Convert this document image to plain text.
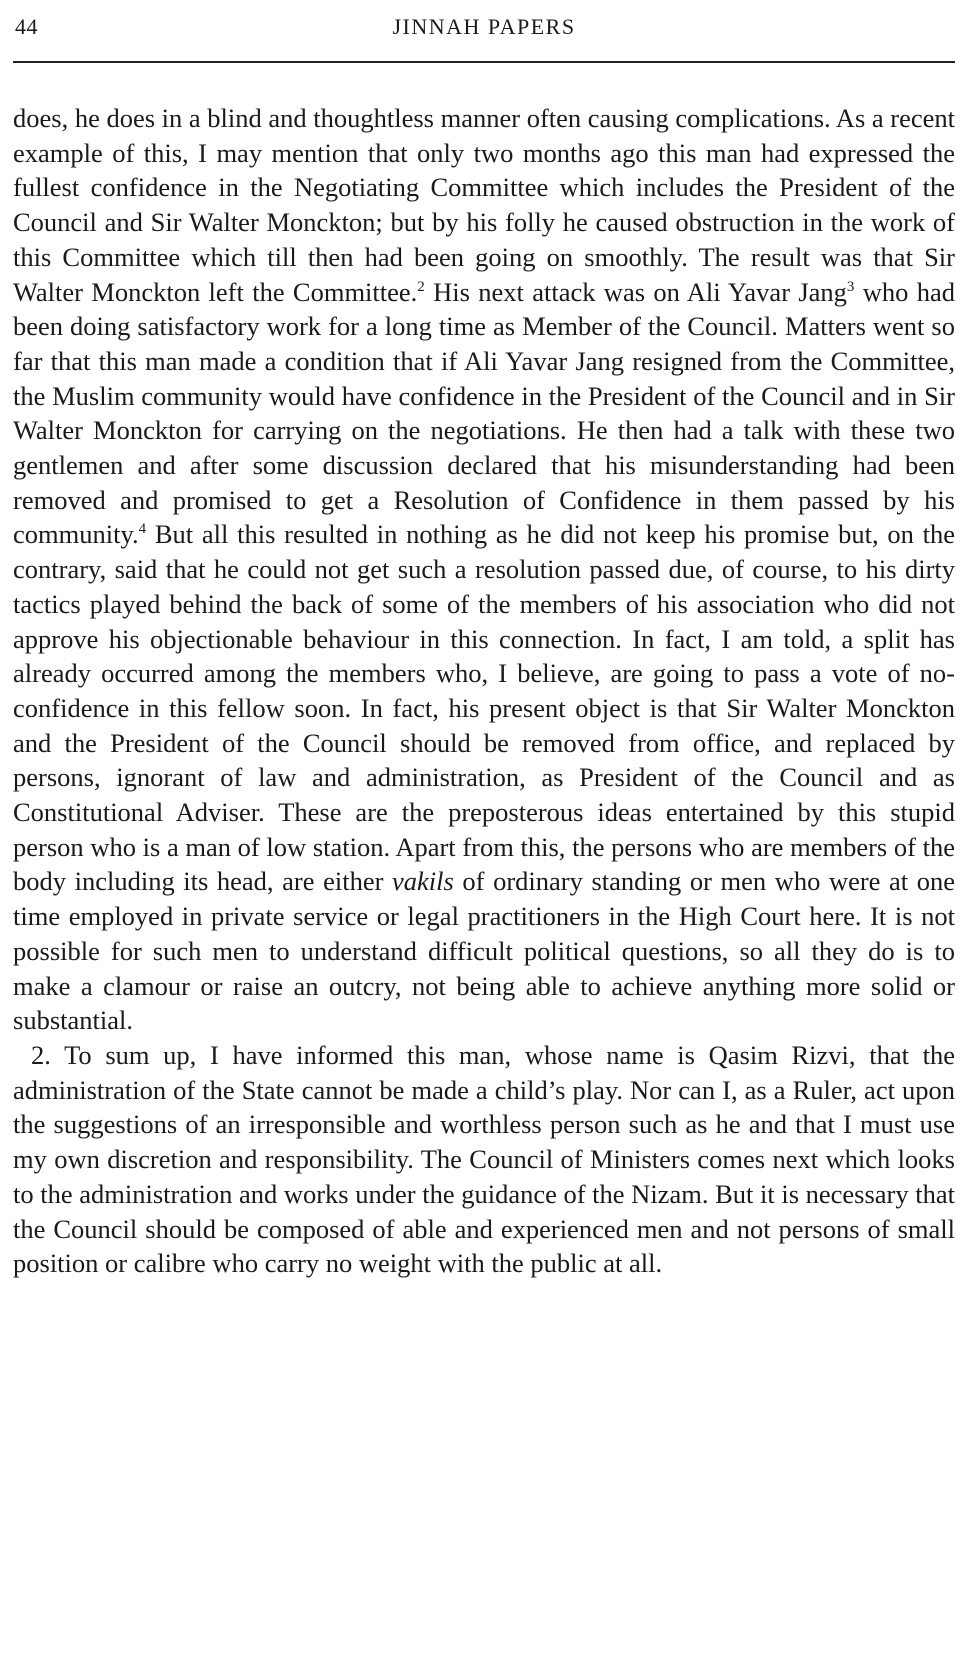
44	JINNAH PAPERS

does, he does in a blind and thoughtless manner often causing complications. As a recent example of this, I may mention that only two months ago this man had expressed the fullest confidence in the Negotiating Committee which includes the President of the Council and Sir Walter Monckton; but by his folly he caused obstruction in the work of this Committee which till then had been going on smoothly. The result was that Sir Walter Monckton left the Committee.$^2$ His next attack was on Ali Yavar Jang$^3$ who had been doing satisfactory work for a long time as Member of the Council. Matters went so far that this man made a condition that if Ali Yavar Jang resigned from the Committee, the Muslim community would have confidence in the President of the Council and in Sir Walter Monckton for carrying on the negotiations. He then had a talk with these two gentlemen and after some discussion declared that his misunderstanding had been removed and promised to get a Resolution of Confidence in them passed by his community.$^4$ But all this resulted in nothing as he did not keep his promise but, on the contrary, said that he could not get such a resolution passed due, of course, to his dirty tactics played behind the back of some of the members of his association who did not approve his objectionable behaviour in this connection. In fact, I am told, a split has already occurred among the members who, I believe, are going to pass a vote of no-confidence in this fellow soon. In fact, his present object is that Sir Walter Monckton and the President of the Council should be removed from office, and replaced by persons, ignorant of law and administration, as President of the Council and as Constitutional Adviser. These are the preposterous ideas entertained by this stupid person who is a man of low station. Apart from this, the persons who are members of the body including its head, are either vakils of ordinary standing or men who were at one time employed in private service or legal practitioners in the High Court here. It is not possible for such men to understand difficult political questions, so all they do is to make a clamour or raise an outcry, not being able to achieve anything more solid or substantial.

2. To sum up, I have informed this man, whose name is Qasim Rizvi, that the administration of the State cannot be made a child’s play. Nor can I, as a Ruler, act upon the suggestions of an irresponsible and worthless person such as he and that I must use my own discretion and responsibility. The Council of Ministers comes next which looks to the administration and works under the guidance of the Nizam. But it is necessary that the Council should be composed of able and experienced men and not persons of small position or calibre who carry no weight with the public at all.
